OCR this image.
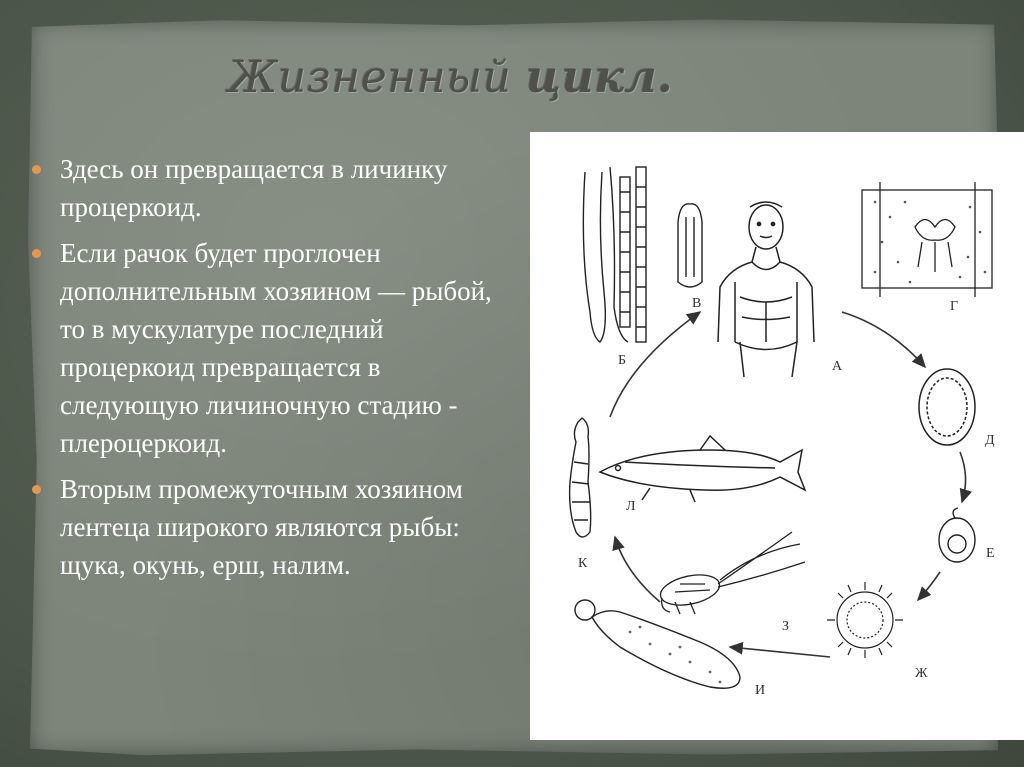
Жизненный цикл.
Здесь он превращается в личинку процеркоид.
Если рачок будет проглочен дополнительным хозяином — рыбой, то в мускулатуре последний процеркоид превращается в следующую личиночную стадию - плероцеркоид.
Вторым промежуточным хозяином лентеца широкого являются рыбы: щука, окунь, ерш, налим.
А
Б
В	Г
Д
Е
Ж
З
И
К
Л
